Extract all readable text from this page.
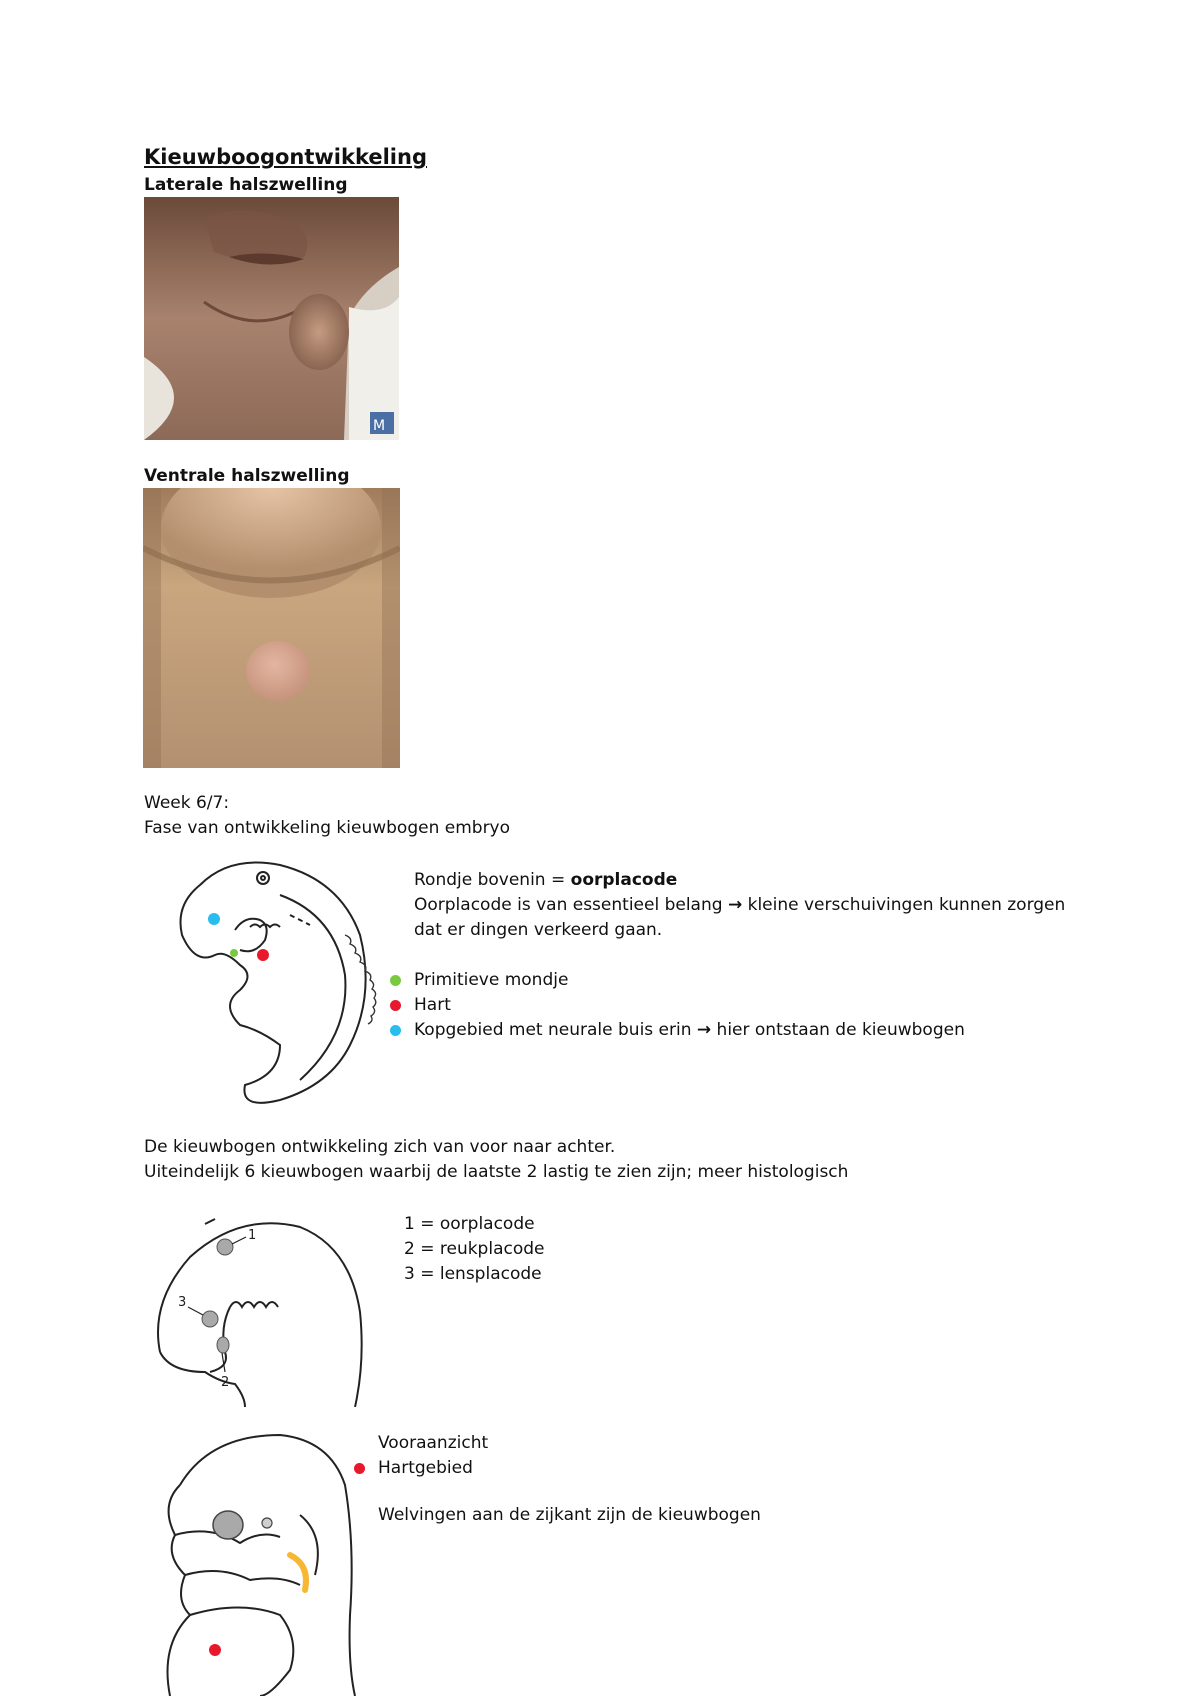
Kieuwboogontwikkeling

Laterale halszwelling

M

Ventrale halszwelling

Week 6/7:

Fase van ontwikkeling kieuwbogen embryo

Rondje bovenin = oorplacode

Oorplacode is van essentieel belang → kleine verschuivingen kunnen zorgen

dat er dingen verkeerd gaan.

Primitieve mondje

Hart

Kopgebied met neurale buis erin → hier ontstaan de kieuwbogen

De kieuwbogen ontwikkeling zich van voor naar achter.

Uiteindelijk 6 kieuwbogen waarbij de laatste 2 lastig te zien zijn; meer histologisch

1
3
2

1 = oorplacode

2 = reukplacode

3 = lensplacode

Vooraanzicht

Hartgebied

Welvingen aan de zijkant zijn de kieuwbogen
